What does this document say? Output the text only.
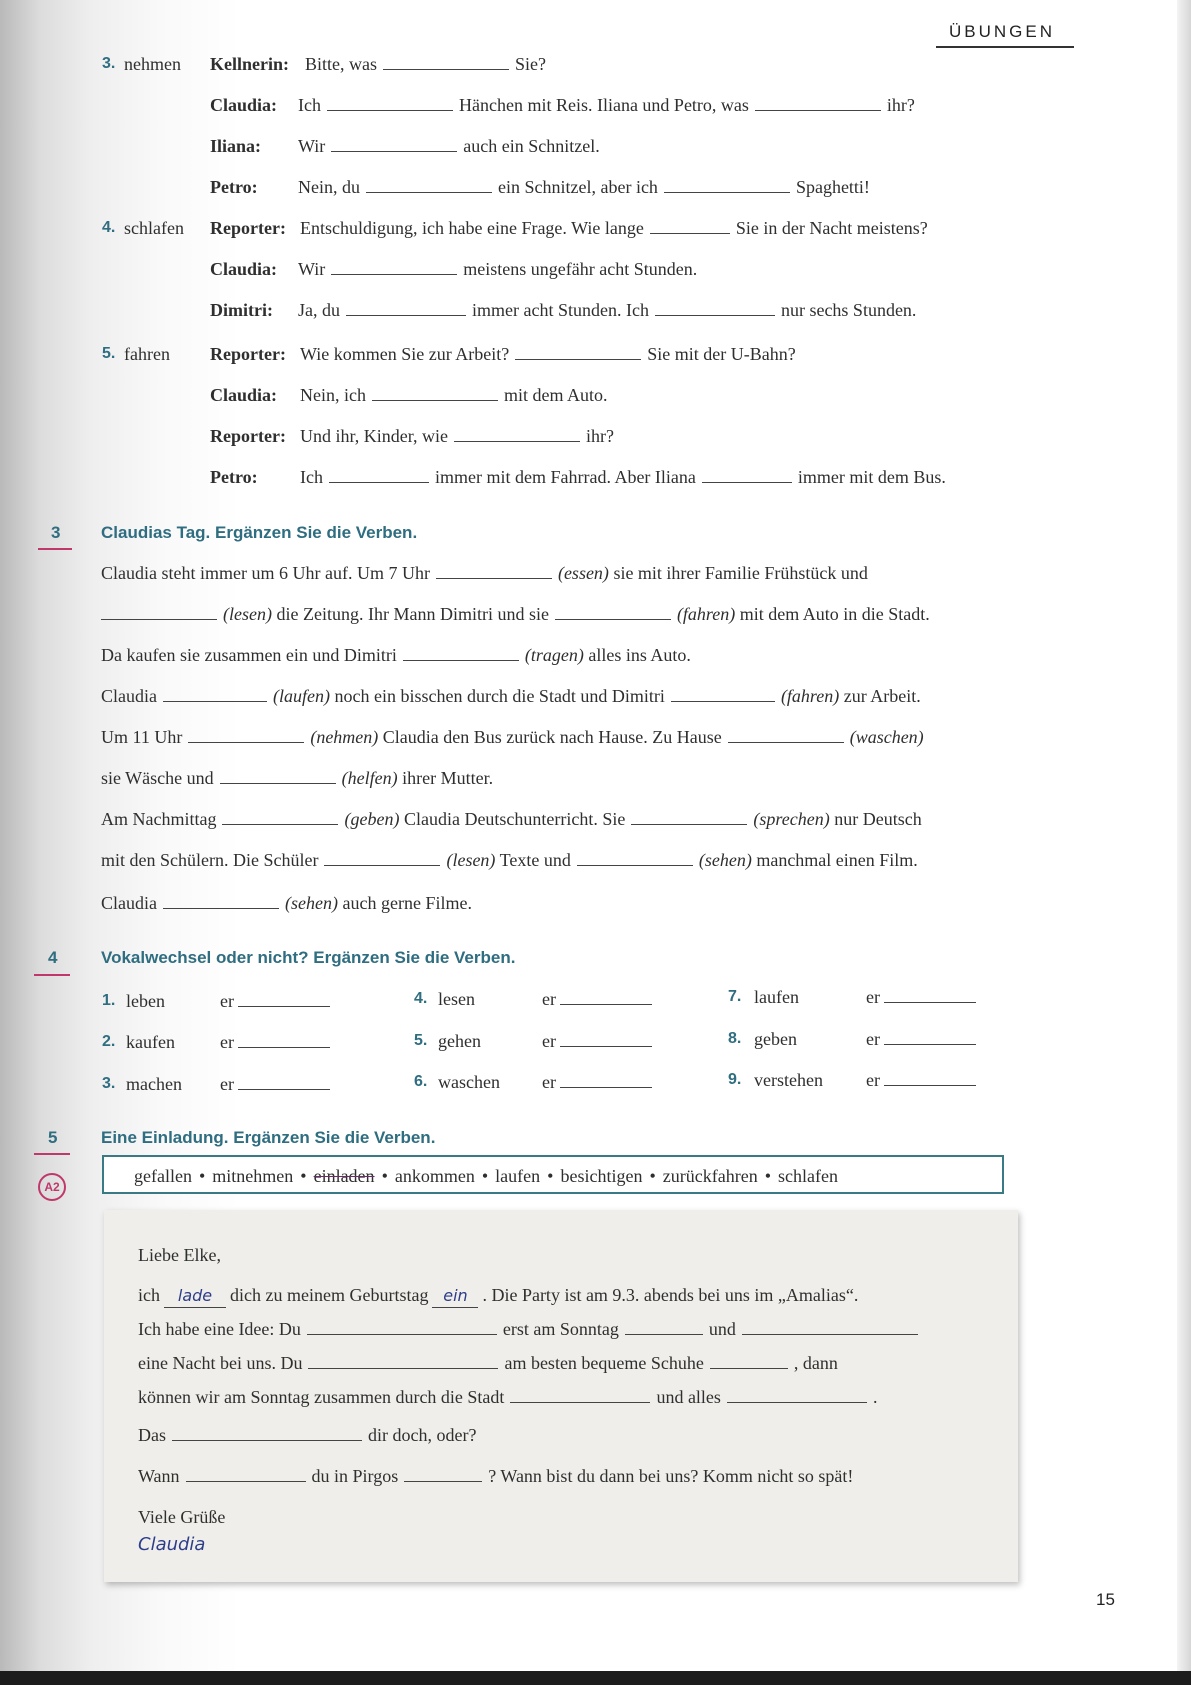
ÜBUNGEN
3. nehmen Kellnerin: Bitte, was	Sie?
Claudia: Ich	Hänchen mit Reis. Iliana und Petro, was	ihr?
Iliana: Wir	auch ein Schnitzel.
Petro: Nein, du	ein Schnitzel, aber ich	Spaghetti!
4. schlafen Reporter: Entschuldigung, ich habe eine Frage. Wie lange	Sie in der Nacht meistens?
Claudia: Wir	meistens ungefähr acht Stunden.
Dimitri: Ja, du	immer acht Stunden. Ich	nur sechs Stunden.
5. fahren Reporter: Wie kommen Sie zur Arbeit?	Sie mit der U-Bahn?
Claudia: Nein, ich	mit dem Auto.
Reporter: Und ihr, Kinder, wie	ihr?
Petro: Ich	immer mit dem Fahrrad. Aber Iliana	immer mit dem Bus.
3 Claudias Tag. Ergänzen Sie die Verben.
Claudia steht immer um 6 Uhr auf. Um 7 Uhr	(essen) sie mit ihrer Familie Frühstück und
(lesen) die Zeitung. Ihr Mann Dimitri und sie	(fahren) mit dem Auto in die Stadt.
Da kaufen sie zusammen ein und Dimitri	(tragen) alles ins Auto.
Claudia	(laufen) noch ein bisschen durch die Stadt und Dimitri	(fahren) zur Arbeit.
Um 11 Uhr	(nehmen) Claudia den Bus zurück nach Hause. Zu Hause	(waschen)
sie Wäsche und	(helfen) ihrer Mutter.
Am Nachmittag	(geben) Claudia Deutschunterricht. Sie	(sprechen) nur Deutsch
mit den Schülern. Die Schüler	(lesen) Texte und	(sehen) manchmal einen Film.
Claudia	(sehen) auch gerne Filme.
4	Vokalwechsel oder nicht? Ergänzen Sie die Verben.
1. leben	er
2. kaufen	er
3. machen er
4. lesen	er
5. gehen	er
6. waschen er
7. laufen	er
8. geben	er
9. verstehen er
5	Eine Einladung. Ergänzen Sie die Verben.
A2
gefallen • mitnehmen • einladen • ankommen • laufen • besichtigen • zurückfahren • schlafen
Liebe Elke,
ich lade dich zu meinem Geburtstag ein . Die Party ist am 9.3. abends bei uns im „Amalias“.
Ich habe eine Idee: Du	erst am Sonntag	und
eine Nacht bei uns. Du	am besten bequeme Schuhe	, dann
können wir am Sonntag zusammen durch die Stadt	und alles	.
Das	dir doch, oder?
Wann	du in Pirgos	? Wann bist du dann bei uns? Komm nicht so spät!
Viele Grüße
Claudia
15
